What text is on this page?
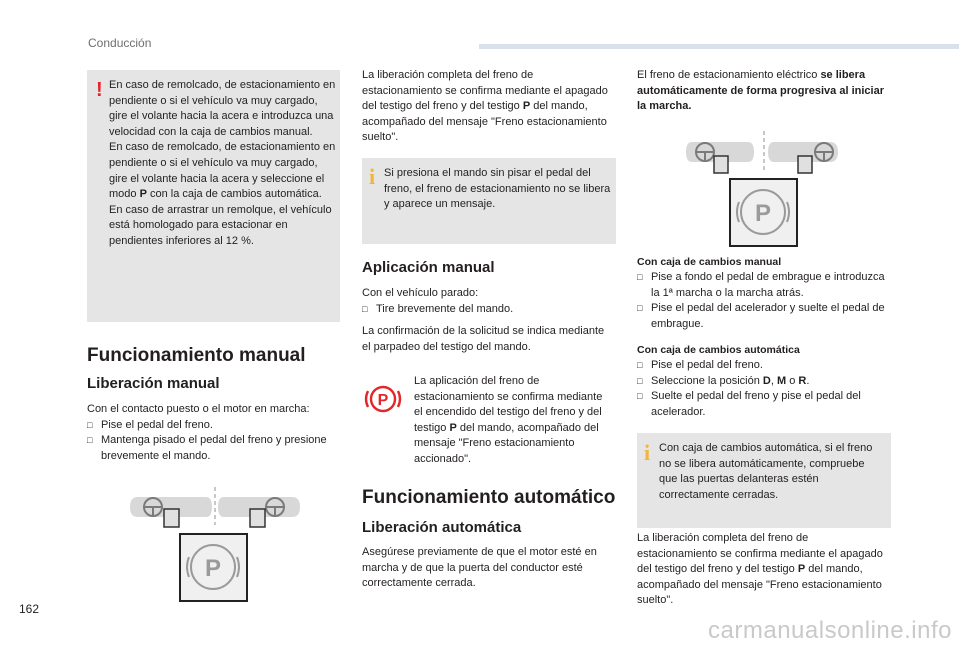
Conducción
! En caso de remolcado, de estacionamiento en pendiente o si el vehículo va muy cargado, gire el volante hacia la acera e introduzca una velocidad con la caja de cambios manual.
En caso de remolcado, de estacionamiento en pendiente o si el vehículo va muy cargado, gire el volante hacia la acera y seleccione el modo P con la caja de cambios automática.
En caso de arrastrar un remolque, el vehículo está homologado para estacionar en pendientes inferiores al 12 %.
Funcionamiento manual
Liberación manual
Con el contacto puesto o el motor en marcha:
□ Pise el pedal del freno.
□ Mantenga pisado el pedal del freno y presione brevemente el mando.
P
La liberación completa del freno de estacionamiento se confirma mediante el apagado del testigo del freno y del testigo P del mando, acompañado del mensaje "Freno estacionamiento suelto".
i Si presiona el mando sin pisar el pedal del freno, el freno de estacionamiento no se libera y aparece un mensaje.
Aplicación manual
Con el vehículo parado:
□ Tire brevemente del mando.
La confirmación de la solicitud se indica mediante el parpadeo del testigo del mando.
P
La aplicación del freno de estacionamiento se confirma mediante el encendido del testigo del freno y del testigo P del mando, acompañado del mensaje "Freno estacionamiento accionado".
Funcionamiento automático
Liberación automática
Asegúrese previamente de que el motor esté en marcha y de que la puerta del conductor esté correctamente cerrada.
El freno de estacionamiento eléctrico se libera automáticamente de forma progresiva al iniciar la marcha.
P
Con caja de cambios manual
□ Pise a fondo el pedal de embrague e introduzca la 1ª marcha o la marcha atrás.
□ Pise el pedal del acelerador y suelte el pedal de embrague.
Con caja de cambios automática
□ Pise el pedal del freno.
□ Seleccione la posición D, M o R.
□ Suelte el pedal del freno y pise el pedal del acelerador.
i Con caja de cambios automática, si el freno no se libera automáticamente, compruebe que las puertas delanteras estén correctamente cerradas.
La liberación completa del freno de estacionamiento se confirma mediante el apagado del testigo del freno y del testigo P del mando, acompañado del mensaje "Freno estacionamiento suelto".
162
carmanualsonline.info
